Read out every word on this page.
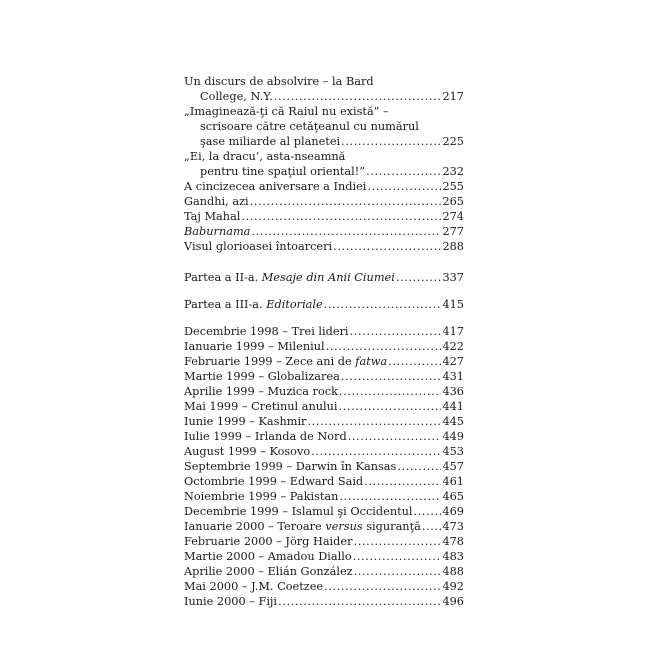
Un discurs de absolvire – la Bard
College, N.Y. .....	217
„Imaginează-ţi că Raiul nu există” –
scrisoare către cetăţeanul cu numărul
şase miliarde al planetei .....	225
„Ei, la dracu’, asta-nseamnă
pentru tine spaţiul oriental!” .....	232
A cincizecea aniversare a Indiei .....	255
Gandhi, azi .....	265
Taj Mahal .....	274
Baburnama .....	277
Visul glorioasei întoarceri .....	288
Partea a II-a. Mesaje din Anii Ciumei .....	337
Partea a III-a. Editoriale .....	415
Decembrie 1998 – Trei lideri .....	417
Ianuarie 1999 – Mileniul .....	422
Februarie 1999 – Zece ani de fatwa .....	427
Martie 1999 – Globalizarea .....	431
Aprilie 1999 – Muzica rock .....	436
Mai 1999 – Cretinul anului .....	441
Iunie 1999 – Kashmir .....	445
Iulie 1999 – Irlanda de Nord .....	449
August 1999 – Kosovo .....	453
Septembrie 1999 – Darwin în Kansas .....	457
Octombrie 1999 – Edward Said .....	461
Noiembrie 1999 – Pakistan .....	465
Decembrie 1999 – Islamul şi Occidentul .....	469
Ianuarie 2000 – Teroare versus siguranţă ..... 473
Februarie 2000 – Jörg Haider .....	478
Martie 2000 – Amadou Diallo .....	483
Aprilie 2000 – Elián González .....	488
Mai 2000 – J.M. Coetzee .....	492
Iunie 2000 – Fiji .....	496
